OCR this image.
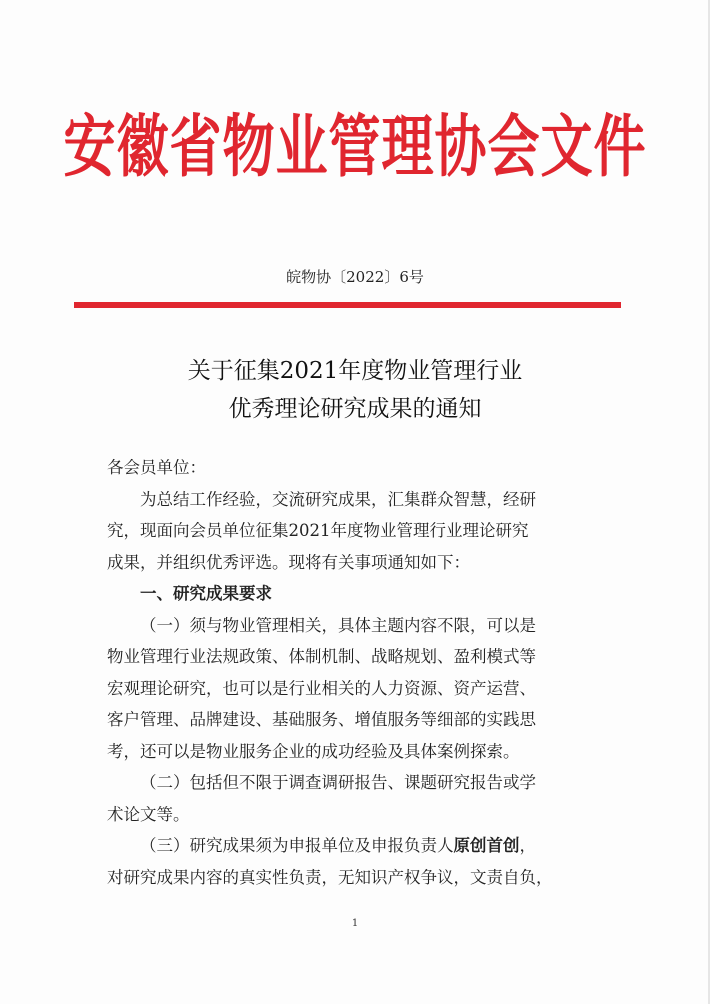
安徽省物业管理协会文件
皖物协〔2022〕6号
关于征集2021年度物业管理行业
优秀理论研究成果的通知
各会员单位：
为总结工作经验，交流研究成果，汇集群众智慧，经研
究，现面向会员单位征集2021年度物业管理行业理论研究
成果，并组织优秀评选。现将有关事项通知如下：
一、研究成果要求
（一）须与物业管理相关，具体主题内容不限，可以是
物业管理行业法规政策、体制机制、战略规划、盈利模式等
宏观理论研究，也可以是行业相关的人力资源、资产运营、
客户管理、品牌建设、基础服务、增值服务等细部的实践思
考，还可以是物业服务企业的成功经验及具体案例探索。
（二）包括但不限于调查调研报告、课题研究报告或学
术论文等。
（三）研究成果须为申报单位及申报负责人原创首创，
对研究成果内容的真实性负责，无知识产权争议，文责自负，
1
